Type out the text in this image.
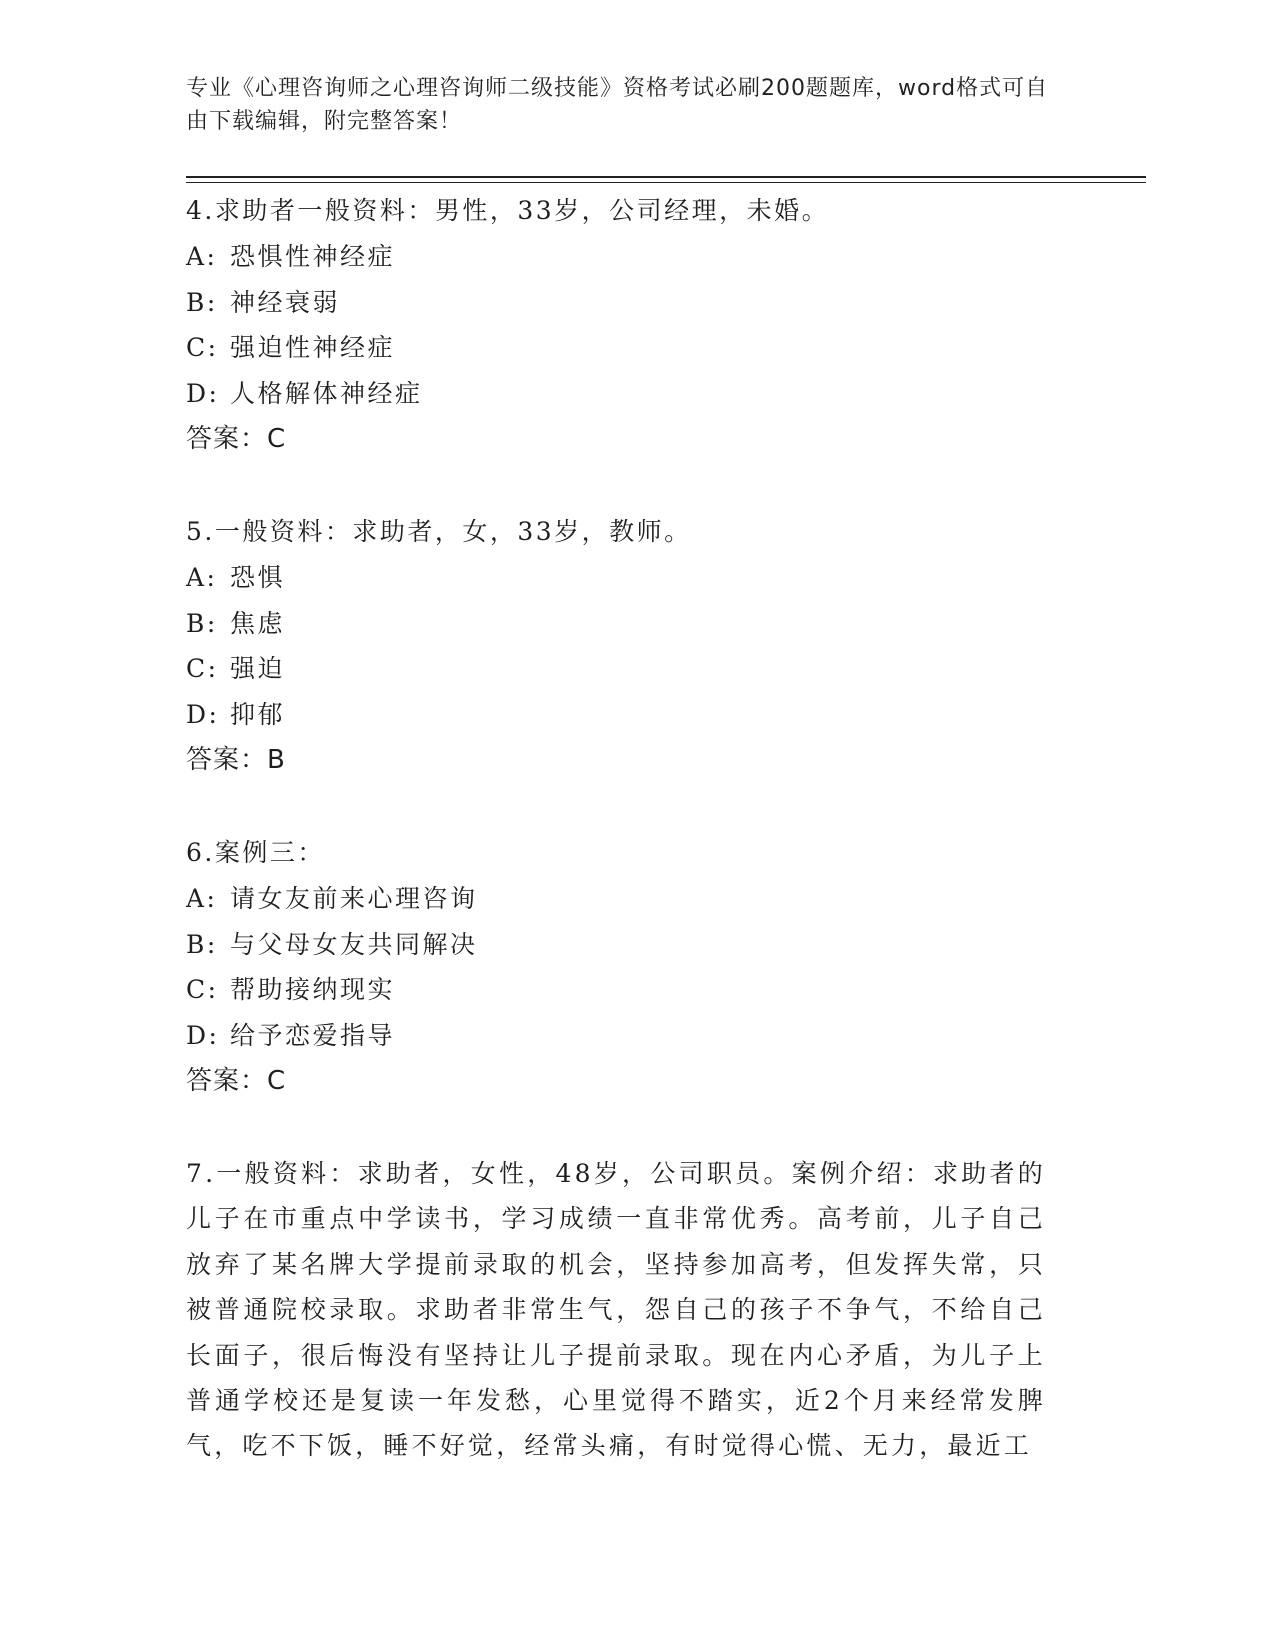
专业《心理咨询师之心理咨询师二级技能》资格考试必刷200题题库，word格式可自由下载编辑，附完整答案！
4.求助者一般资料：男性，33岁，公司经理，未婚。
A: 恐惧性神经症
B: 神经衰弱
C: 强迫性神经症
D: 人格解体神经症
答案：C
5.一般资料：求助者，女，33岁，教师。
A: 恐惧
B: 焦虑
C: 强迫
D: 抑郁
答案：B
6.案例三：
A: 请女友前来心理咨询
B: 与父母女友共同解决
C: 帮助接纳现实
D: 给予恋爱指导
答案：C
7.一般资料：求助者，女性，48岁，公司职员。案例介绍：求助者的儿子在市重点中学读书，学习成绩一直非常优秀。高考前，儿子自己放弃了某名牌大学提前录取的机会，坚持参加高考，但发挥失常，只被普通院校录取。求助者非常生气，怨自己的孩子不争气，不给自己长面子，很后悔没有坚持让儿子提前录取。现在内心矛盾，为儿子上普通学校还是复读一年发愁，心里觉得不踏实，近2个月来经常发脾气，吃不下饭，睡不好觉，经常头痛，有时觉得心慌、无力，最近工
